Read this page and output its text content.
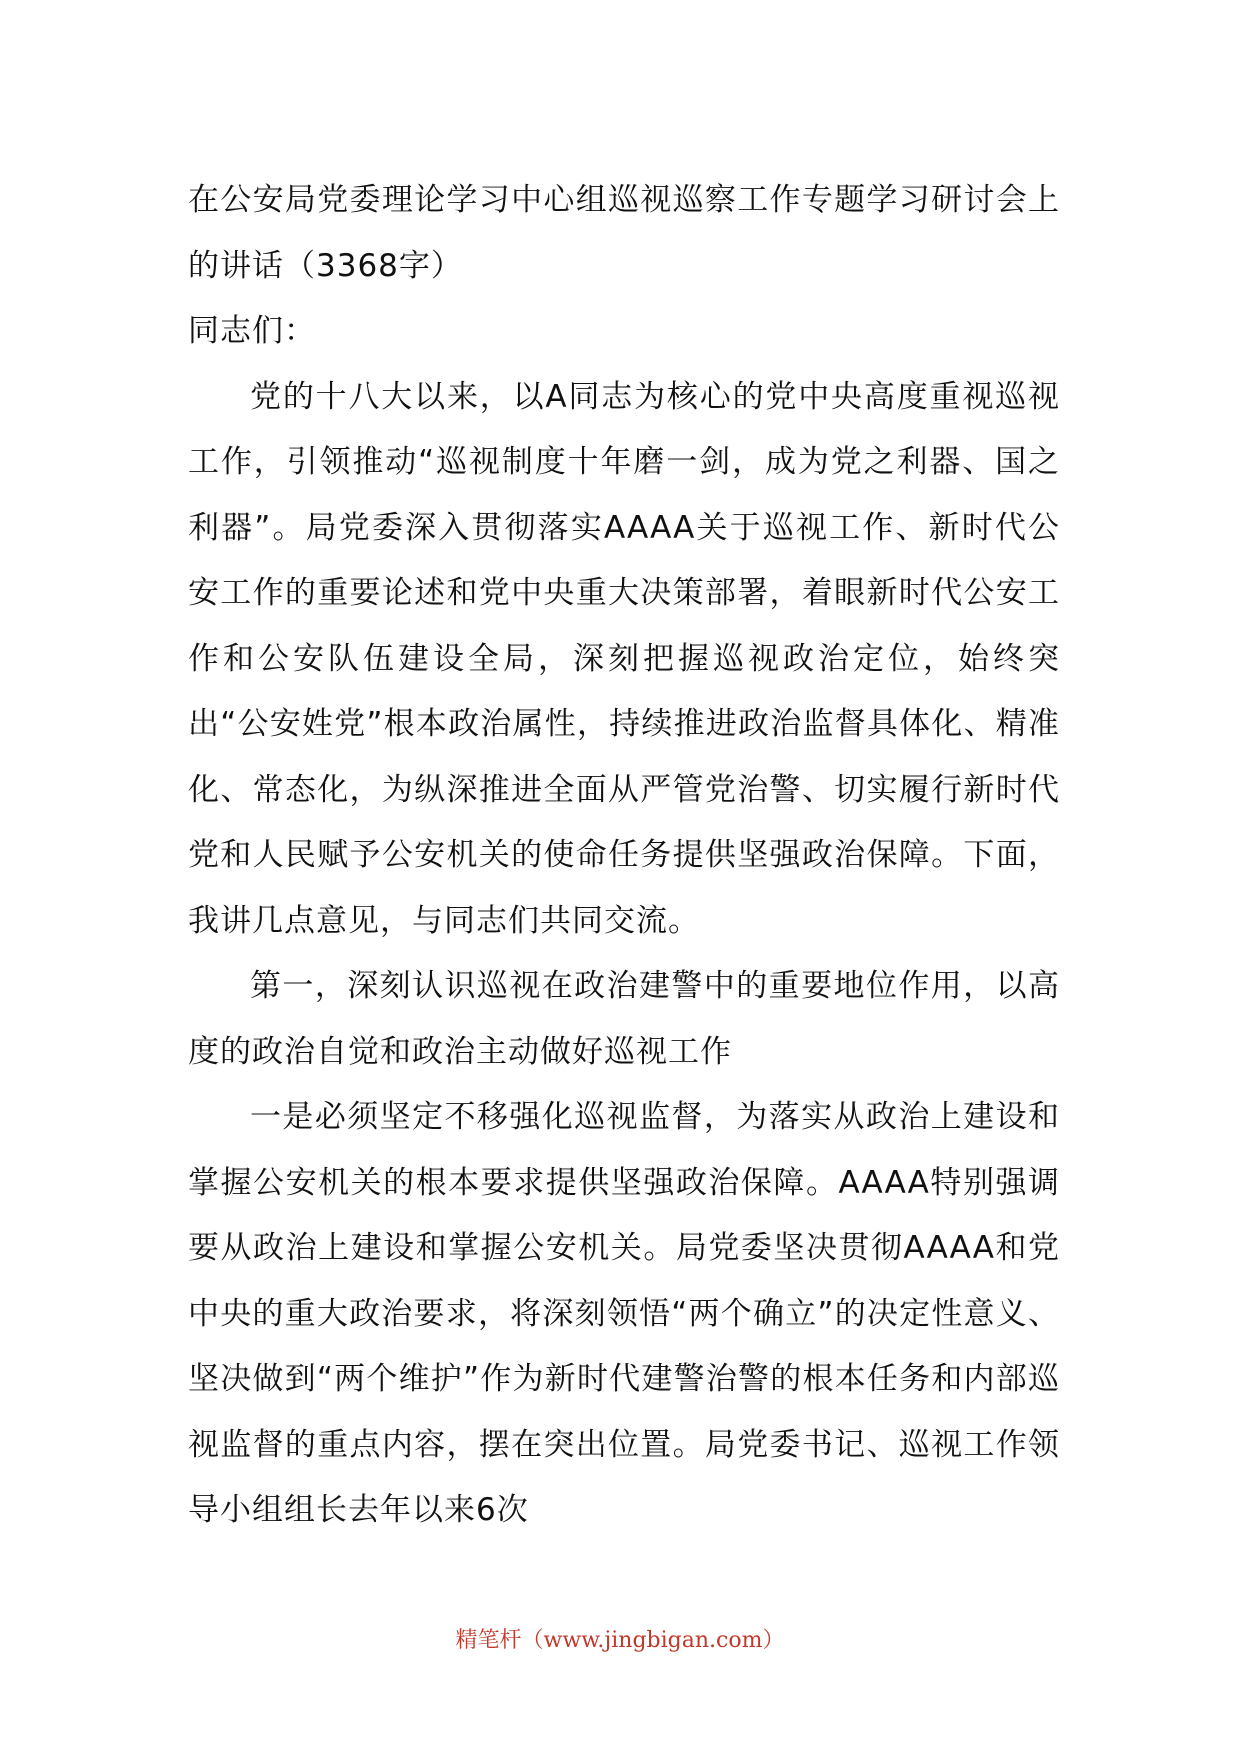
在公安局党委理论学习中心组巡视巡察工作专题学习研讨会上的讲话（3368字）

同志们：

党的十八大以来，以A同志为核心的党中央高度重视巡视工作，引领推动“巡视制度十年磨一剑，成为党之利器、国之利器”。局党委深入贯彻落实AAAA关于巡视工作、新时代公安工作的重要论述和党中央重大决策部署，着眼新时代公安工作和公安队伍建设全局，深刻把握巡视政治定位，始终突出“公安姓党”根本政治属性，持续推进政治监督具体化、精准化、常态化，为纵深推进全面从严管党治警、切实履行新时代党和人民赋予公安机关的使命任务提供坚强政治保障。下面，我讲几点意见，与同志们共同交流。

第一，深刻认识巡视在政治建警中的重要地位作用，以高度的政治自觉和政治主动做好巡视工作

一是必须坚定不移强化巡视监督，为落实从政治上建设和掌握公安机关的根本要求提供坚强政治保障。AAAA特别强调要从政治上建设和掌握公安机关。局党委坚决贯彻AAAA和党中央的重大政治要求，将深刻领悟“两个确立”的决定性意义、坚决做到“两个维护”作为新时代建警治警的根本任务和内部巡视监督的重点内容，摆在突出位置。局党委书记、巡视工作领导小组组长去年以来6次

精笔杆（www.jingbigan.com）
